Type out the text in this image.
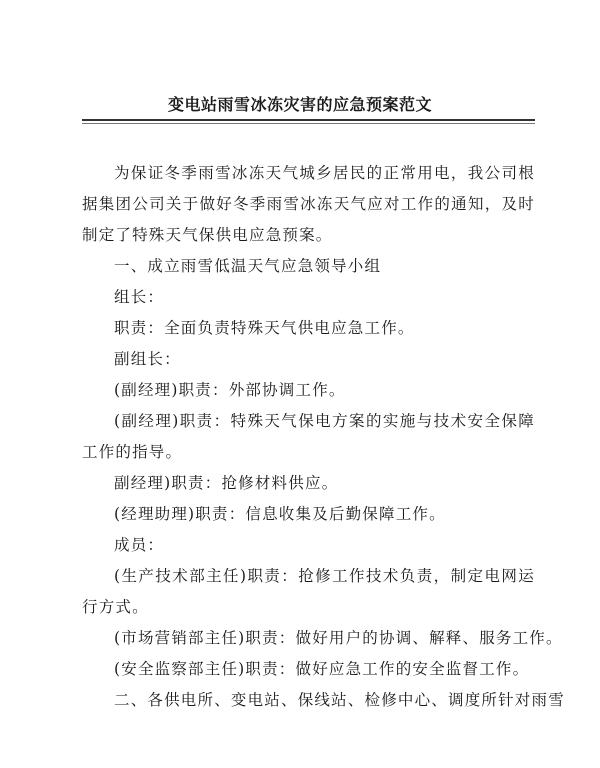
变电站雨雪冰冻灾害的应急预案范文

为保证冬季雨雪冰冻天气城乡居民的正常用电，我公司根据集团公司关于做好冬季雨雪冰冻天气应对工作的通知，及时制定了特殊天气保供电应急预案。

一、成立雨雪低温天气应急领导小组

组长：

职责：全面负责特殊天气供电应急工作。

副组长：

(副经理)职责：外部协调工作。

(副经理)职责：特殊天气保电方案的实施与技术安全保障工作的指导。

副经理)职责：抢修材料供应。

(经理助理)职责：信息收集及后勤保障工作。

成员：

(生产技术部主任)职责：抢修工作技术负责，制定电网运行方式。

(市场营销部主任)职责：做好用户的协调、解释、服务工作。

(安全监察部主任)职责：做好应急工作的安全监督工作。

二、各供电所、变电站、保线站、检修中心、调度所针对雨雪
